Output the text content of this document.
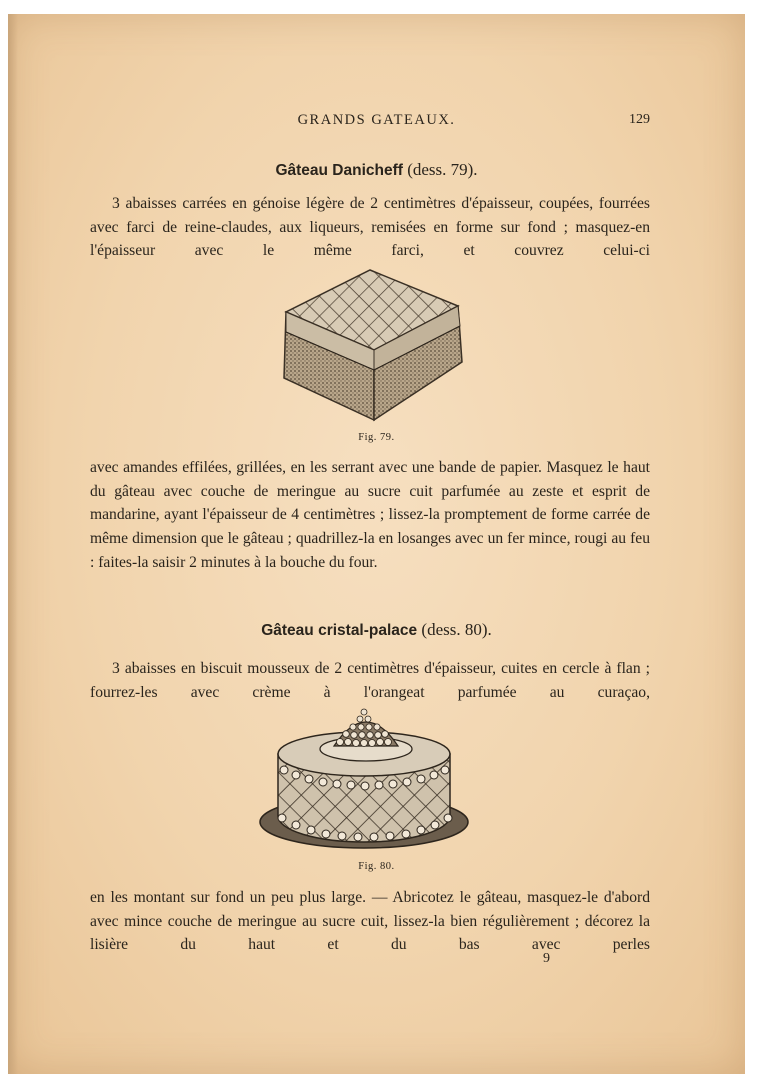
GRANDS GATEAUX.	129
Gâteau Danicheff (dess. 79).

3 abaisses carrées en génoise légère de 2 centimètres d'épaisseur, coupées, fourrées avec farci de reine-claudes, aux liqueurs, remisées en forme sur fond ; masquez-en l'épaisseur avec le même farci, et couvrez celui-ci

Fig. 79.

avec amandes effilées, grillées, en les serrant avec une bande de papier. Masquez le haut du gâteau avec couche de meringue au sucre cuit parfumée au zeste et esprit de mandarine, ayant l'épaisseur de 4 centimètres ; lissez-la promptement de forme carrée de même dimension que le gâteau ; quadrillez-la en losanges avec un fer mince, rougi au feu : faites-la saisir 2 minutes à la bouche du four.

Gâteau cristal-palace (dess. 80).

3 abaisses en biscuit mousseux de 2 centimètres d'épaisseur, cuites en cercle à flan ; fourrez-les avec crème à l'orangeat parfumée au curaçao,

Fig. 80.

en les montant sur fond un peu plus large. — Abricotez le gâteau, masquez-le d'abord avec mince couche de meringue au sucre cuit, lissez-la bien régulièrement ; décorez la lisière du haut et du bas avec perles

9
